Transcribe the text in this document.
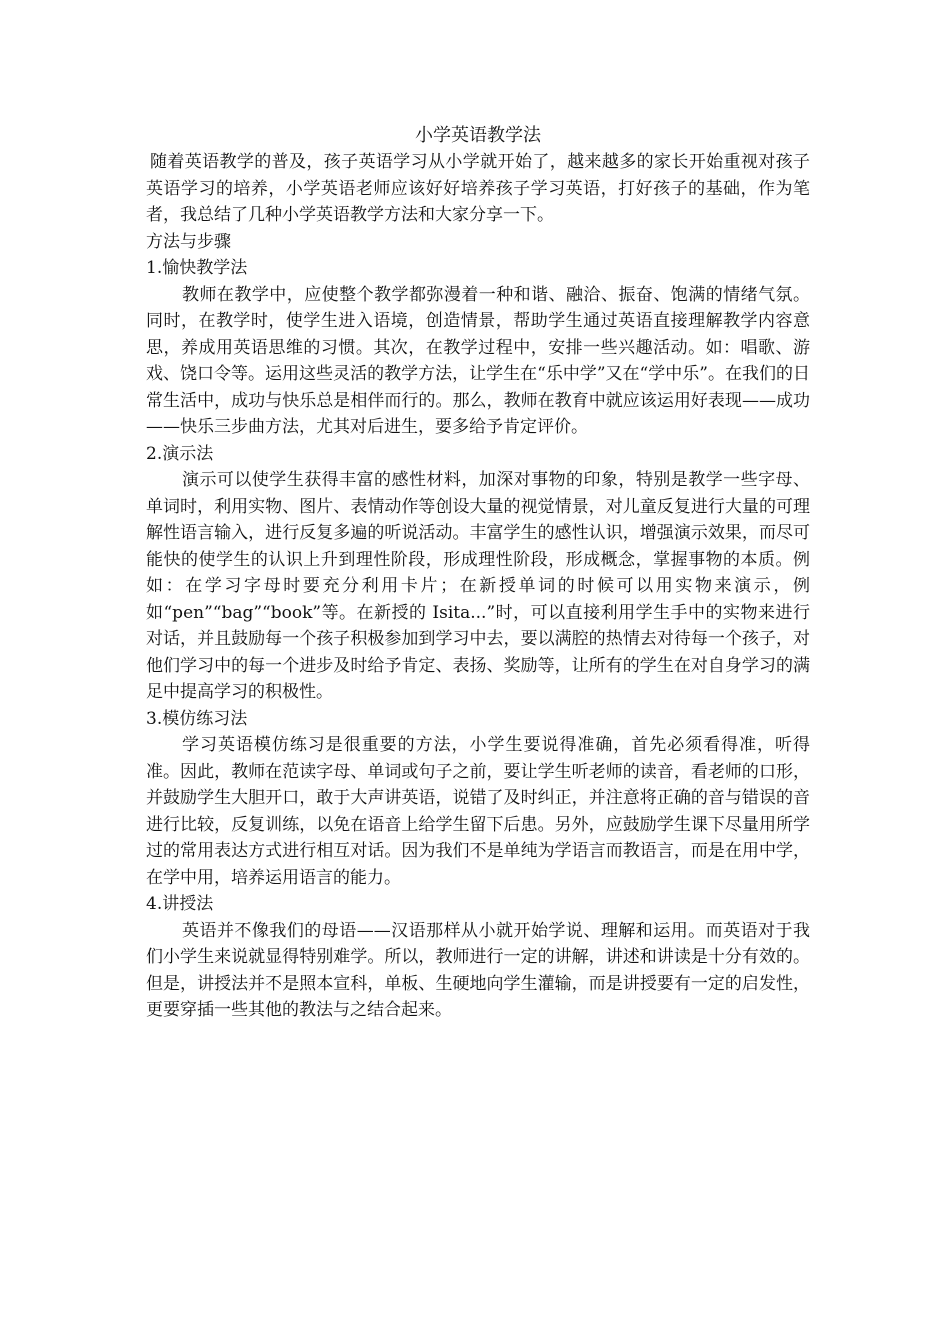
小学英语教学法

随着英语教学的普及，孩子英语学习从小学就开始了，越来越多的家长开始重视对孩子英语学习的培养，小学英语老师应该好好培养孩子学习英语，打好孩子的基础，作为笔者，我总结了几种小学英语教学方法和大家分享一下。

方法与步骤

1.愉快教学法

教师在教学中，应使整个教学都弥漫着一种和谐、融洽、振奋、饱满的情绪气氛。同时，在教学时，使学生进入语境，创造情景，帮助学生通过英语直接理解教学内容意思，养成用英语思维的习惯。其次，在教学过程中，安排一些兴趣活动。如：唱歌、游戏、饶口令等。运用这些灵活的教学方法，让学生在“乐中学”又在“学中乐”。在我们的日常生活中，成功与快乐总是相伴而行的。那么，教师在教育中就应该运用好表现——成功——快乐三步曲方法，尤其对后进生，要多给予肯定评价。

2.演示法

演示可以使学生获得丰富的感性材料，加深对事物的印象，特别是教学一些字母、单词时，利用实物、图片、表情动作等创设大量的视觉情景，对儿童反复进行大量的可理解性语言输入，进行反复多遍的听说活动。丰富学生的感性认识，增强演示效果，而尽可能快的使学生的认识上升到理性阶段，形成理性阶段，形成概念，掌握事物的本质。例如：在学习字母时要充分利用卡片；在新授单词的时候可以用实物来演示，例如“pen”“bag”“book”等。在新授的 Isita...”时，可以直接利用学生手中的实物来进行对话，并且鼓励每一个孩子积极参加到学习中去，要以满腔的热情去对待每一个孩子，对他们学习中的每一个进步及时给予肯定、表扬、奖励等，让所有的学生在对自身学习的满足中提高学习的积极性。

3.模仿练习法

学习英语模仿练习是很重要的方法，小学生要说得准确，首先必须看得准，听得准。因此，教师在范读字母、单词或句子之前，要让学生听老师的读音，看老师的口形，并鼓励学生大胆开口，敢于大声讲英语，说错了及时纠正，并注意将正确的音与错误的音进行比较，反复训练，以免在语音上给学生留下后患。另外，应鼓励学生课下尽量用所学过的常用表达方式进行相互对话。因为我们不是单纯为学语言而教语言，而是在用中学，在学中用，培养运用语言的能力。

4.讲授法

英语并不像我们的母语——汉语那样从小就开始学说、理解和运用。而英语对于我们小学生来说就显得特别难学。所以，教师进行一定的讲解，讲述和讲读是十分有效的。但是，讲授法并不是照本宣科，单板、生硬地向学生灌输，而是讲授要有一定的启发性，更要穿插一些其他的教法与之结合起来。
